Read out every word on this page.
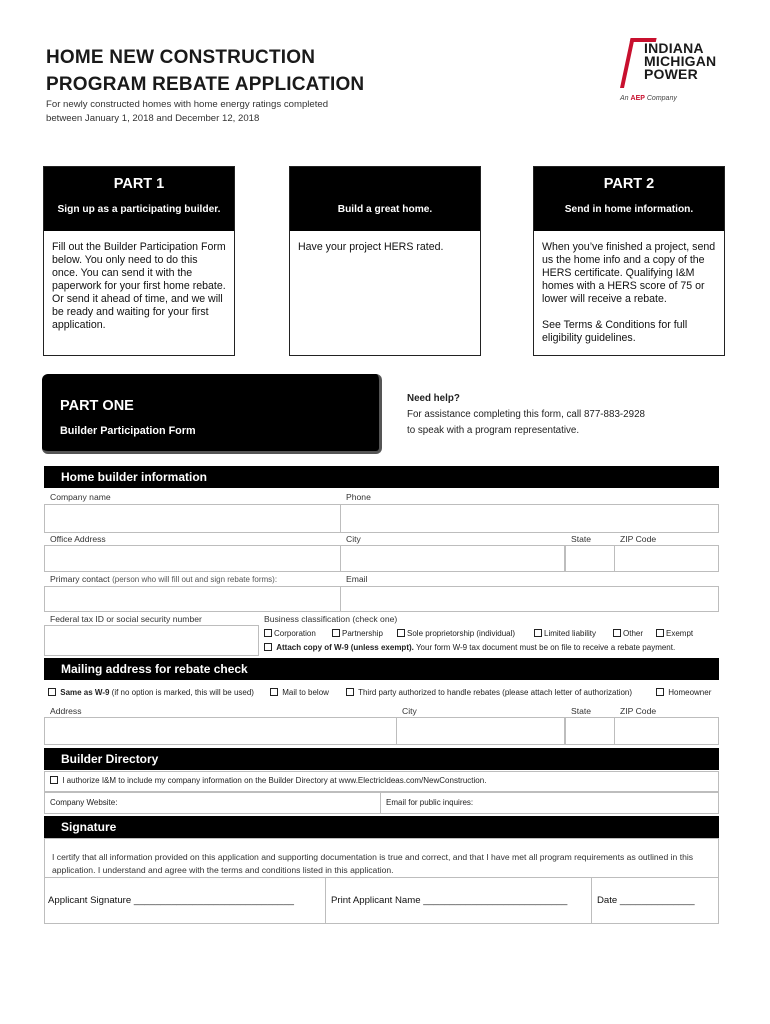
HOME NEW CONSTRUCTION
PROGRAM REBATE APPLICATION
For newly constructed homes with home energy ratings completed
between January 1, 2018 and December 12, 2018
INDIANA
MICHIGAN
POWER
An AEP Company
PART 1
Sign up as a participating builder.

Fill out the Builder Participation Form below. You only need to do this once. You can send it with the paperwork for your first home rebate. Or send it ahead of time, and we will be ready and waiting for your first application.

Build a great home.

Have your project HERS rated.

PART 2
Send in home information.

When you’ve finished a project, send us the home info and a copy of the HERS certificate. Qualifying I&M homes with a HERS score of 75 or lower will receive a rebate.

See Terms & Conditions for full eligibility guidelines.

PART ONE
Builder Participation Form
Need help?
For assistance completing this form, call 877-883-2928
to speak with a program representative.
Home builder information
Company name	Phone
Office Address	City	State	ZIP Code
Primary contact (person who will fill out and sign rebate forms):	Email
Federal tax ID or social security number	Business classification (check one)
Corporation	Partnership	Sole proprietorship (individual)	Limited liability	Other	Exempt
Attach copy of W-9 (unless exempt). Your form W-9 tax document must be on file to receive a rebate payment.
Mailing address for rebate check
Same as W-9 (if no option is marked, this will be used)	Mail to below	Third party authorized to handle rebates (please attach letter of authorization)	Homeowner
Address	City	State	ZIP Code
Builder Directory
I authorize I&M to include my company information on the Builder Directory at www.ElectricIdeas.com/NewConstruction.
Company Website:	Email for public inquires:
Signature
I certify that all information provided on this application and supporting documentation is true and correct, and that I have met all program requirements as outlined in this application. I understand and agree with the terms and conditions listed in this application.
Applicant Signature ______________________________	Print Applicant Name ___________________________	Date ______________
